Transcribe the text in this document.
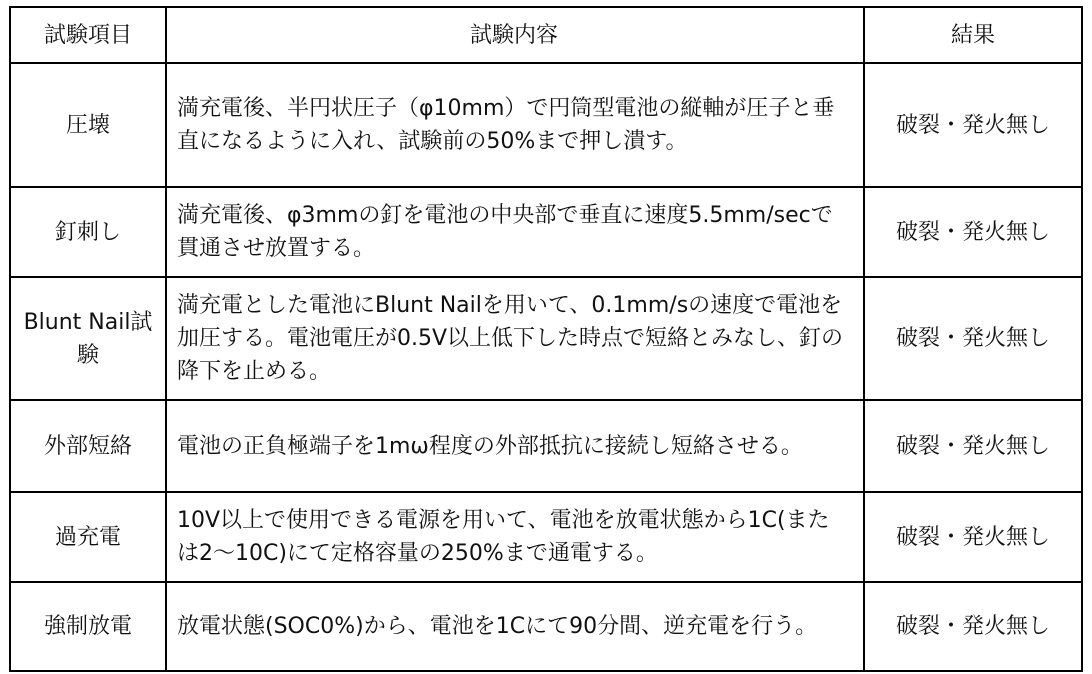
試験項目	試験内容	結果
圧壊	満充電後、半円状圧子（φ10mm）で円筒型電池の縦軸が圧子と垂直になるように入れ、試験前の50%まで押し潰す。	破裂・発火無し
釘刺し	満充電後、φ3mmの釘を電池の中央部で垂直に速度5.5mm/secで貫通させ放置する。	破裂・発火無し
Blunt Nail試験	満充電とした電池にBlunt Nailを用いて、0.1mm/sの速度で電池を加圧する。電池電圧が0.5V以上低下した時点で短絡とみなし、釘の降下を止める。	破裂・発火無し
外部短絡	電池の正負極端子を1mω程度の外部抵抗に接続し短絡させる。	破裂・発火無し
過充電	10V以上で使用できる電源を用いて、電池を放電状態から1C(または2〜10C)にて定格容量の250%まで通電する。	破裂・発火無し
強制放電	放電状態(SOC0%)から、電池を1Cにて90分間、逆充電を行う。	破裂・発火無し
